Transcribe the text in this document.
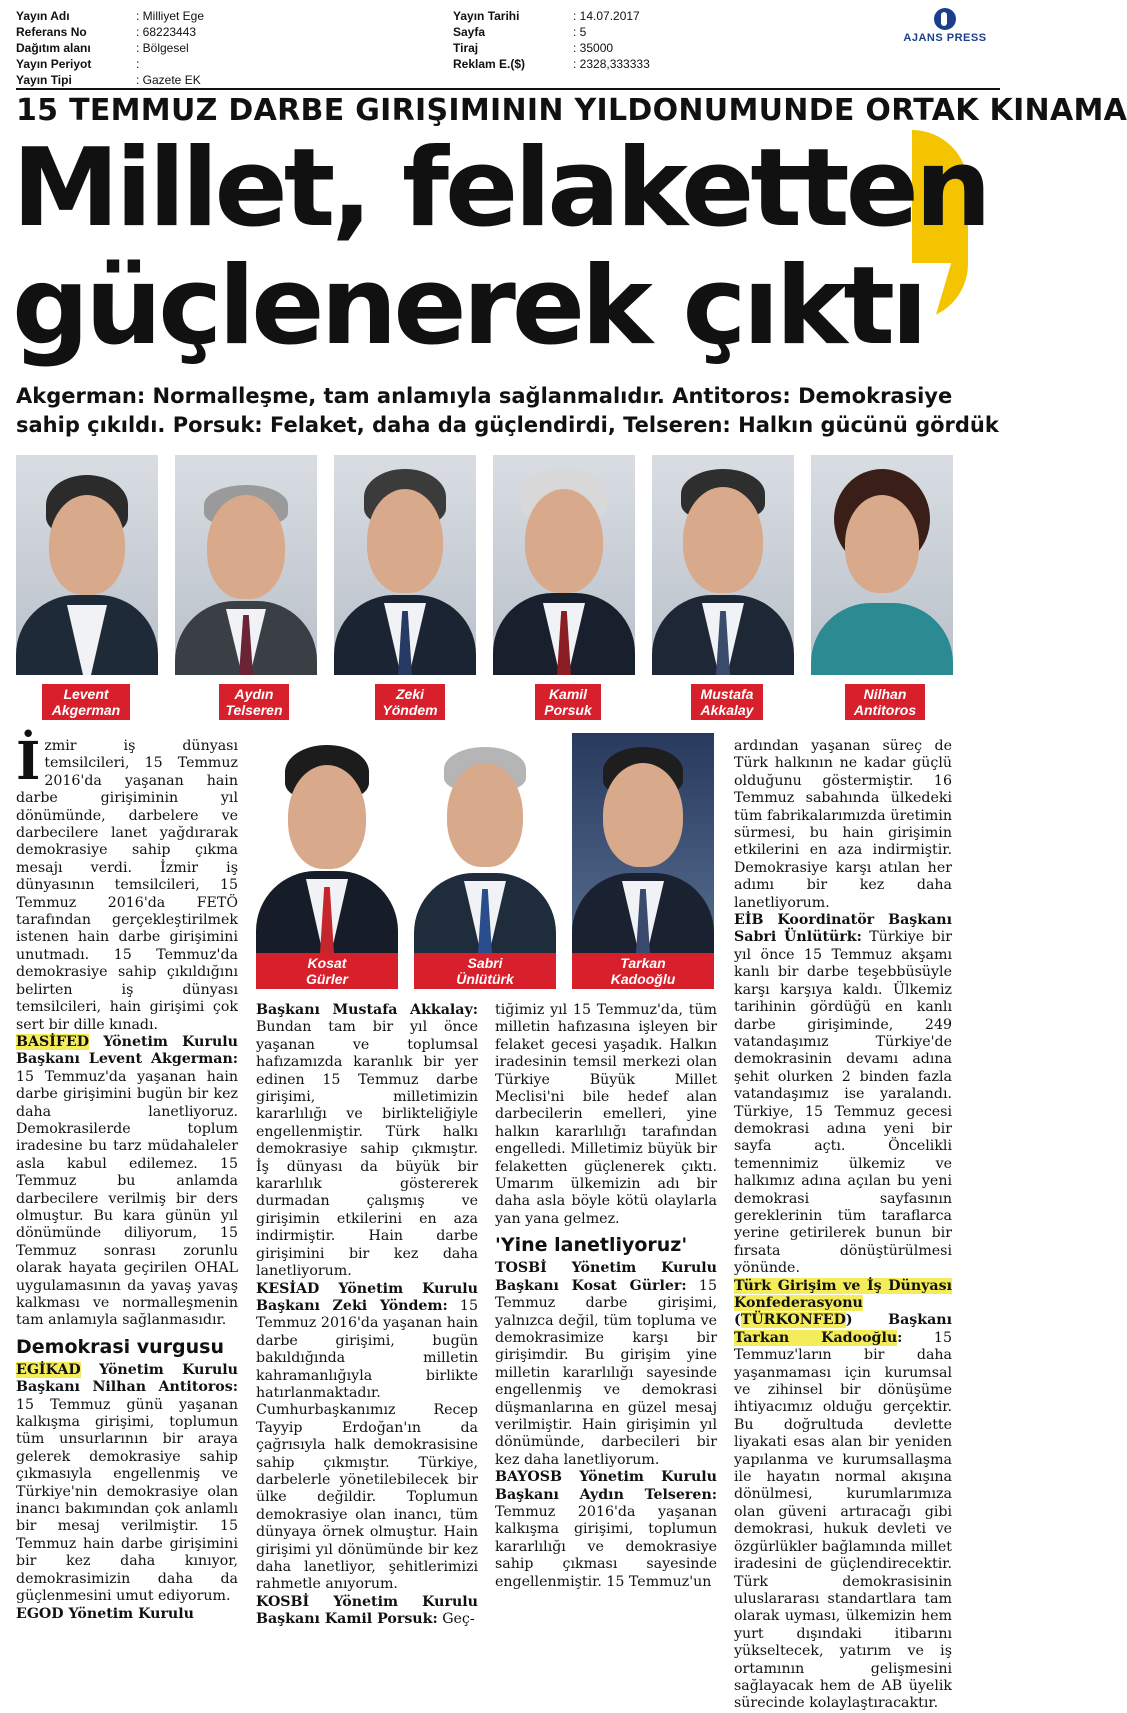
Yayın Adı	: Milliyet Ege
Referans No	: 68223443
Dağıtım alanı	: Bölgesel
Yayın Periyot	:
Yayın Tipi	: Gazete EK
Yayın Tarihi	: 14.07.2017
Sayfa	: 5
Tiraj	: 35000
Reklam E.($)	: 2328,333333
AJANS PRESS
15 TEMMUZ DARBE GIRIŞIMININ YILDONUMUNDE ORTAK KINAMA
Millet, felaketten
güçlenerek çıktı

Akgerman: Normalleşme, tam anlamıyla sağlanmalıdır. Antitoros: Demokrasiye

sahip çıkıldı. Porsuk: Felaket, daha da güçlendirdi, Telseren: Halkın gücünü gördük

Levent
Akgerman
Aydın
Telseren
Zeki
Yöndem
Kamil
Porsuk
Mustafa
Akkalay
Nilhan
Antitoros
Kosat
Gürler
Sabri
Ünlütürk
Tarkan
Kadooğlu

İzmir iş dünyası temsilcileri, 15 Temmuz 2016'da yaşanan hain darbe girişiminin yıl dönümünde, darbelere ve darbecilere lanet yağdırarak demokrasiye sahip çıkma mesajı verdi. İzmir iş dünyasının temsilcileri, 15 Temmuz 2016'da FETÖ tarafından gerçekleştirilmek istenen hain darbe girişimini unutmadı. 15 Temmuz'da demokrasiye sahip çıkıldığını belirten iş dünyası temsilcileri, hain girişimi çok sert bir dille kınadı.

BASİFED Yönetim Kurulu Başkanı Levent Akgerman: 15 Temmuz'da yaşanan hain darbe girişimini bugün bir kez daha lanetliyoruz. Demokrasilerde toplum iradesine bu tarz müdahaleler asla kabul edilemez. 15 Temmuz bu anlamda darbecilere verilmiş bir ders olmuştur. Bu kara günün yıl dönümünde diliyorum, 15 Temmuz sonrası zorunlu olarak hayata geçirilen OHAL uygulamasının da yavaş yavaş kalkması ve normalleşmenin tam anlamıyla sağlanmasıdır.

Demokrasi vurgusu

EGİKAD Yönetim Kurulu Başkanı Nilhan Antitoros: 15 Temmuz günü yaşanan kalkışma girişimi, toplumun tüm unsurlarının bir araya gelerek demokrasiye sahip çıkmasıyla engellenmiş ve Türkiye'nin demokrasiye olan inancı bakımından çok anlamlı bir mesaj verilmiştir. 15 Temmuz hain darbe girişimini bir kez daha kınıyor, demokrasimizin daha da güçlenmesini umut ediyorum.

EGOD Yönetim Kurulu

Başkanı Mustafa Akkalay: Bundan tam bir yıl önce yaşanan ve toplumsal hafızamızda karanlık bir yer edinen 15 Temmuz darbe girişimi, milletimizin kararlılığı ve birlikteliğiyle engellenmiştir. Türk halkı demokrasiye sahip çıkmıştır. İş dünyası da büyük bir kararlılık göstererek durmadan çalışmış ve girişimin etkilerini en aza indirmiştir. Hain darbe girişimini bir kez daha lanetliyorum.

KESİAD Yönetim Kurulu Başkanı Zeki Yöndem: 15 Temmuz 2016'da yaşanan hain darbe girişimi, bugün bakıldığında milletin kahramanlığıyla birlikte hatırlanmaktadır. Cumhurbaşkanımız Recep Tayyip Erdoğan'ın da çağrısıyla halk demokrasisine sahip çıkmıştır. Türkiye, darbelerle yönetilebilecek bir ülke değildir. Toplumun demokrasiye olan inancı, tüm dünyaya örnek olmuştur. Hain girişimi yıl dönümünde bir kez daha lanetliyor, şehitlerimizi rahmetle anıyorum.

KOSBİ Yönetim Kurulu Başkanı Kamil Porsuk: Geç-

tiğimiz yıl 15 Temmuz'da, tüm milletin hafızasına işleyen bir felaket gecesi yaşadık. Halkın iradesinin temsil merkezi olan Türkiye Büyük Millet Meclisi'ni bile hedef alan darbecilerin emelleri, yine halkın kararlılığı tarafından engelledi. Milletimiz büyük bir felaketten güçlenerek çıktı. Umarım ülkemizin adı bir daha asla böyle kötü olaylarla yan yana gelmez.

'Yine lanetliyoruz'

TOSBİ Yönetim Kurulu Başkanı Kosat Gürler: 15 Temmuz darbe girişimi, yalnızca değil, tüm topluma ve demokrasimize karşı bir girişimdir. Bu girişim yine milletin kararlılığı sayesinde engellenmiş ve demokrasi düşmanlarına en güzel mesaj verilmiştir. Hain girişimin yıl dönümünde, darbecileri bir kez daha lanetliyorum.

BAYOSB Yönetim Kurulu Başkanı Aydın Telseren: Temmuz 2016'da yaşanan kalkışma girişimi, toplumun kararlılığı ve demokrasiye sahip çıkması sayesinde engellenmiştir. 15 Temmuz'un

ardından yaşanan süreç de Türk halkının ne kadar güçlü olduğunu göstermiştir. 16 Temmuz sabahında ülkedeki tüm fabrikalarımızda üretimin sürmesi, bu hain girişimin etkilerini en aza indirmiştir. Demokrasiye karşı atılan her adımı bir kez daha lanetliyorum.

EİB Koordinatör Başkanı Sabri Ünlütürk: Türkiye bir yıl önce 15 Temmuz akşamı kanlı bir darbe teşebbüsüyle karşı karşıya kaldı. Ülkemiz tarihinin gördüğü en kanlı darbe girişiminde, 249 vatandaşımız Türkiye'de demokrasinin devamı adına şehit olurken 2 binden fazla vatandaşımız ise yaralandı. Türkiye, 15 Temmuz gecesi demokrasi adına yeni bir sayfa açtı. Öncelikli temennimiz ülkemiz ve halkımız adına açılan bu yeni demokrasi sayfasının gereklerinin tüm taraflarca yerine getirilerek bunun bir fırsata dönüştürülmesi yönünde.

Türk Girişim ve İş Dünyası Konfederasyonu (TÜRKONFED) Başkanı Tarkan Kadooğlu: 15 Temmuz'ların bir daha yaşanmaması için kurumsal ve zihinsel bir dönüşüme ihtiyacımız olduğu gerçektir. Bu doğrultuda devlette liyakati esas alan bir yeniden yapılanma ve kurumsallaşma ile hayatın normal akışına dönülmesi, kurumlarımıza olan güveni artıracağı gibi demokrasi, hukuk devleti ve özgürlükler bağlamında millet iradesini de güçlendirecektir. Türk demokrasisinin uluslararası standartlara tam olarak uyması, ülkemizin hem yurt dışındaki itibarını yükseltecek, yatırım ve iş ortamının gelişmesini sağlayacak hem de AB üyelik sürecinde kolaylaştıracaktır.
